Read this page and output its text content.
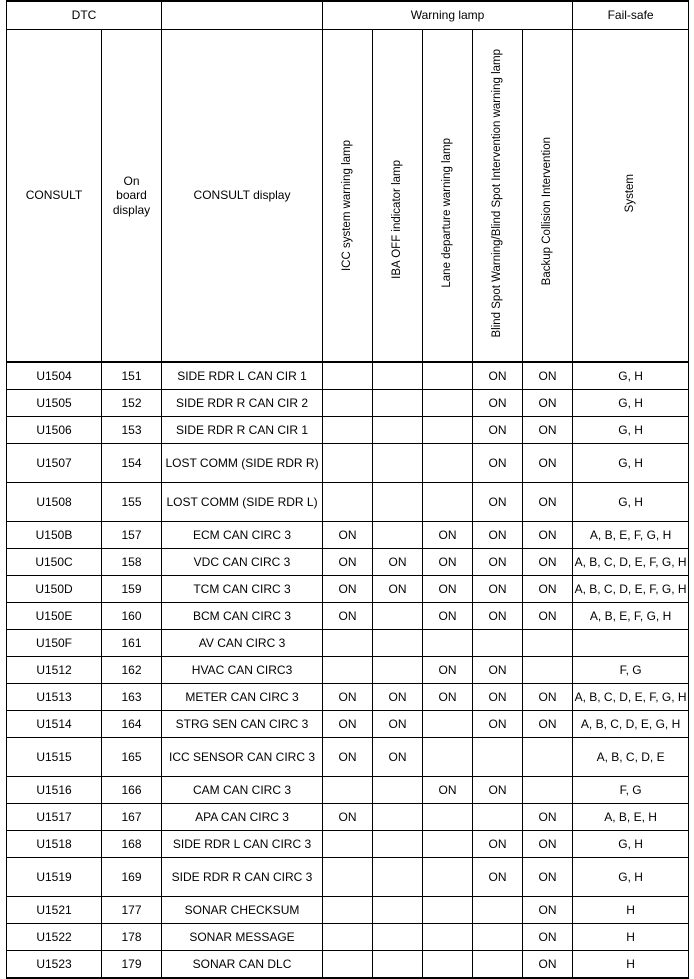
DTC			Warning lamp					Fail-safe
CONSULT	On
board
display	CONSULT display	ICC system warning lamp	IBA OFF indicator lamp	Lane departure warning lamp	Blind Spot Warning/Blind Spot Intervention warning lamp	Backup Collision Intervention	System
U1504	151	SIDE RDR L CAN CIR 1				ON	ON	G, H
U1505	152	SIDE RDR R CAN CIR 2				ON	ON	G, H
U1506	153	SIDE RDR R CAN CIR 1				ON	ON	G, H
U1507	154	LOST COMM (SIDE RDR R)				ON	ON	G, H
U1508	155	LOST COMM (SIDE RDR L)				ON	ON	G, H
U150B	157	ECM CAN CIRC 3	ON		ON	ON	ON	A, B, E, F, G, H
U150C	158	VDC CAN CIRC 3	ON	ON	ON	ON	ON	A, B, C, D, E, F, G, H
U150D	159	TCM CAN CIRC 3	ON	ON	ON	ON	ON	A, B, C, D, E, F, G, H
U150E	160	BCM CAN CIRC 3	ON		ON	ON	ON	A, B, E, F, G, H
U150F	161	AV CAN CIRC 3						
U1512	162	HVAC CAN CIRC3			ON	ON		F, G
U1513	163	METER CAN CIRC 3	ON	ON	ON	ON	ON	A, B, C, D, E, F, G, H
U1514	164	STRG SEN CAN CIRC 3	ON	ON		ON	ON	A, B, C, D, E, G, H
U1515	165	ICC SENSOR CAN CIRC 3	ON	ON				A, B, C, D, E
U1516	166	CAM CAN CIRC 3			ON	ON		F, G
U1517	167	APA CAN CIRC 3	ON				ON	A, B, E, H
U1518	168	SIDE RDR L CAN CIRC 3				ON	ON	G, H
U1519	169	SIDE RDR R CAN CIRC 3				ON	ON	G, H
U1521	177	SONAR CHECKSUM					ON	H
U1522	178	SONAR MESSAGE					ON	H
U1523	179	SONAR CAN DLC					ON	H
